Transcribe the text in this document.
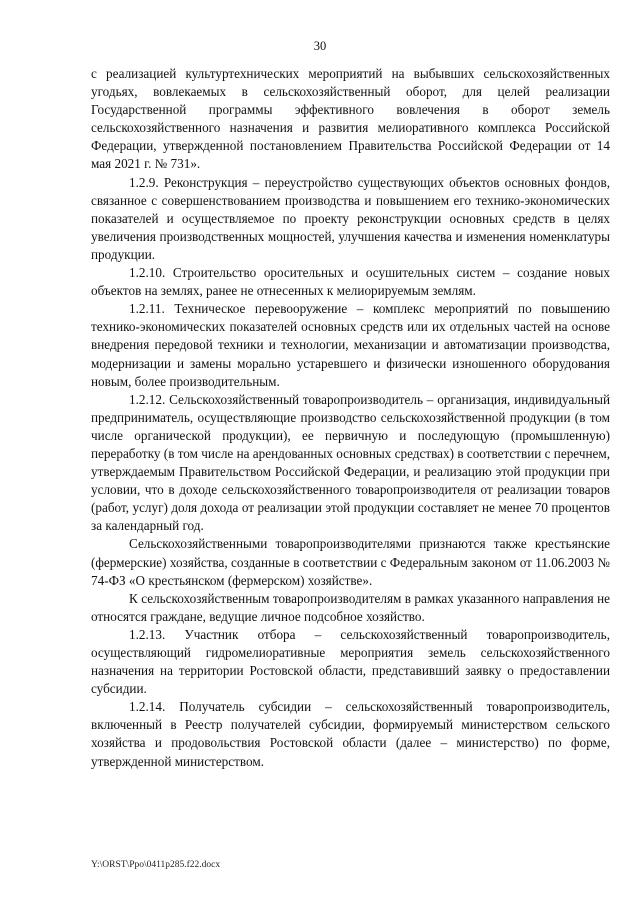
30

с реализацией культуртехнических мероприятий на выбывших сельскохозяйственных угодьях, вовлекаемых в сельскохозяйственный оборот, для целей реализации Государственной программы эффективного вовлечения в оборот земель сельскохозяйственного назначения и развития мелиоративного комплекса Российской Федерации, утвержденной постановлением Правительства Российской Федерации от 14 мая 2021 г. № 731».

1.2.9. Реконструкция – переустройство существующих объектов основных фондов, связанное с совершенствованием производства и повышением его технико-экономических показателей и осуществляемое по проекту реконструкции основных средств в целях увеличения производственных мощностей, улучшения качества и изменения номенклатуры продукции.

1.2.10. Строительство оросительных и осушительных систем – создание новых объектов на землях, ранее не отнесенных к мелиорируемым землям.

1.2.11. Техническое перевооружение – комплекс мероприятий по повышению технико-экономических показателей основных средств или их отдельных частей на основе внедрения передовой техники и технологии, механизации и автоматизации производства, модернизации и замены морально устаревшего и физически изношенного оборудования новым, более производительным.

1.2.12. Сельскохозяйственный товаропроизводитель – организация, индивидуальный предприниматель, осуществляющие производство сельскохозяйственной продукции (в том числе органической продукции), ее первичную и последующую (промышленную) переработку (в том числе на арендованных основных средствах) в соответствии с перечнем, утверждаемым Правительством Российской Федерации, и реализацию этой продукции при условии, что в доходе сельскохозяйственного товаропроизводителя от реализации товаров (работ, услуг) доля дохода от реализации этой продукции составляет не менее 70 процентов за календарный год.

Сельскохозяйственными товаропроизводителями признаются также крестьянские (фермерские) хозяйства, созданные в соответствии с Федеральным законом от 11.06.2003 № 74-ФЗ «О крестьянском (фермерском) хозяйстве».

К сельскохозяйственным товаропроизводителям в рамках указанного направления не относятся граждане, ведущие личное подсобное хозяйство.

1.2.13. Участник отбора – сельскохозяйственный товаропроизводитель, осуществляющий гидромелиоративные мероприятия земель сельскохозяйственного назначения на территории Ростовской области, представивший заявку о предоставлении субсидии.

1.2.14. Получатель субсидии – сельскохозяйственный товаропроизводитель, включенный в Реестр получателей субсидии, формируемый министерством сельского хозяйства и продовольствия Ростовской области (далее – министерство) по форме, утвержденной министерством.

Y:\ORST\Ppo\0411p285.f22.docx
